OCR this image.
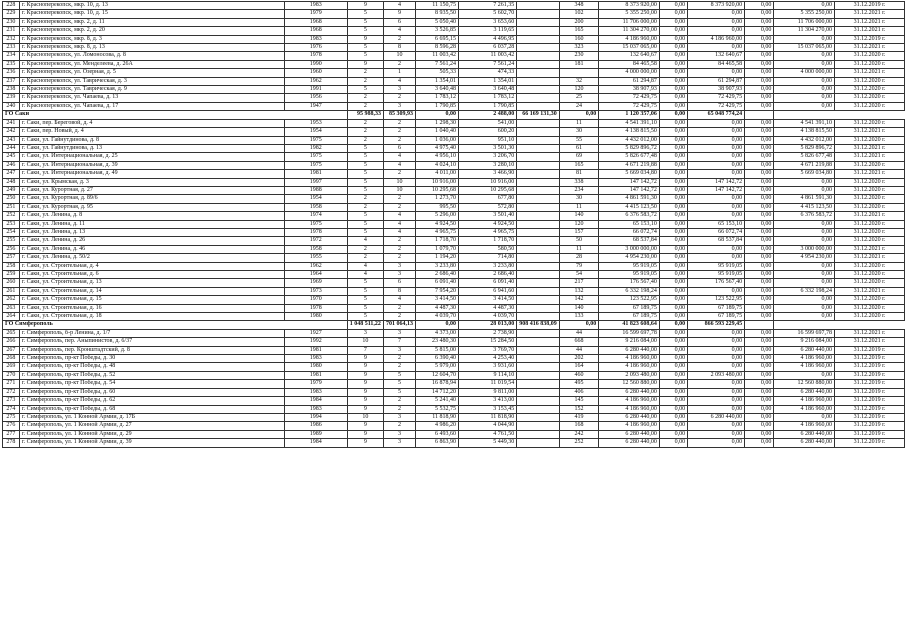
228	г. Красноперекопск, мкр. 10, д. 13	1983	9	4	11 150,75	7 261,35		348	8 373 920,00	0,00	8 373 920,00	0,00	0,00	31.12.2019 г.
229	г. Красноперекопск, мкр. 10, д. 15	1979	5	9	8 935,50	5 602,70		102	5 355 250,00	0,00	0,00	0,00	5 355 250,00	31.12.2021 г.
230	г. Красноперекопск, мкр. 2, д. 11	1968	5	6	5 050,40	3 653,60		200	11 706 000,00	0,00	0,00	0,00	11 706 000,00	31.12.2021 г.
231	г. Красноперекопск, мкр. 2, д. 20	1968	5	4	3 526,85	3 119,65		165	11 304 270,00	0,00	0,00	0,00	11 304 270,00	31.12.2021 г.
232	г. Красноперекопск, мкр. 8, д. 3	1983	9	2	6 695,15	4 496,95		160	4 186 960,00	0,00	4 186 960,00	0,00	0,00	31.12.2019 г.
233	г. Красноперекопск, мкр. 8, д. 13	1976	5	8	8 596,28	6 037,28		323	15 037 065,00	0,00	0,00	0,00	15 037 065,00	31.12.2021 г.
234	г. Красноперекопск, ул. Ломоносова, д. 8	1978	5	10	11 003,42	11 003,42		230	132 640,67	0,00	132 640,67	0,00	0,00	31.12.2020 г.
235	г. Красноперекопск, ул. Менделеева, д. 26А	1990	9	2	7 561,24	7 561,24		181	84 465,58	0,00	84 465,58	0,00	0,00	31.12.2020 г.
236	г. Красноперекопск, ул. Озерная, д. 5	1960	2	1	505,33	474,33			4 000 000,00	0,00	0,00	0,00	4 000 000,00	31.12.2021 г.
237	г. Красноперекопск, ул. Таврическая, д. 3	1962	2	4	1 354,01	1 354,01		32	61 294,87	0,00	61 294,87	0,00	0,00	31.12.2020 г.
238	г. Красноперекопск, ул. Таврическая, д. 9	1991	5	3	3 640,48	3 640,48		120	38 907,93	0,00	38 907,93	0,00	0,00	31.12.2020 г.
239	г. Красноперекопск, ул. Чапаева, д. 13	1956	2	2	1 783,12	1 783,12		25	72 429,75	0,00	72 429,75	0,00	0,00	31.12.2020 г.
240	г. Красноперекопск, ул. Чапаева, д. 17	1947	2	3	1 790,85	1 790,85		24	72 429,75	0,00	72 429,75	0,00	0,00	31.12.2020 г.
ГО Саки			95 988,33	85 309,93	0,00	2 488,00	66 169 131,30	0,00	1 120 357,06	0,00	65 048 774,24			
241	г. Саки, пер. Береговой, д. 4	1953	2	2	1 298,30	541,00		11	4 541 391,10	0,00	0,00	0,00	4 541 391,10	31.12.2020 г.
242	г. Саки, пер. Новый, д. 4	1954	2	2	1 040,40	600,20		30	4 138 815,50	0,00	0,00	0,00	4 138 815,50	31.12.2021 г.
243	г. Саки, ул. Гайнутдинова, д. 8	1975	2	2	1 036,00	951,10		55	4 432 012,00	0,00	0,00	0,00	4 432 012,00	31.12.2020 г.
244	г. Саки, ул. Гайнутдинова, д. 13	1982	5	6	4 975,40	3 501,30		61	5 829 896,72	0,00	0,00	0,00	5 829 896,72	31.12.2021 г.
245	г. Саки, ул. Интернациональная, д. 25	1975	5	4	4 956,10	3 206,70		69	5 826 677,48	0,00	0,00	0,00	5 826 677,48	31.12.2021 г.
246	г. Саки, ул. Интернациональная, д. 39	1975	5	4	4 024,10	3 280,10		165	4 671 219,88	0,00	0,00	0,00	4 671 219,88	31.12.2020 г.
247	г. Саки, ул. Интернациональная, д. 49	1981	5	2	4 011,00	3 466,90		81	5 669 034,80	0,00	0,00	0,00	5 669 034,80	31.12.2021 г.
248	г. Саки, ул. Крымская, д. 3	1997	5	10	10 916,00	10 916,00		338	147 142,72	0,00	147 142,72	0,00	0,00	31.12.2020 г.
249	г. Саки, ул. Курортная, д. 27	1988	5	10	10 295,68	10 295,68		234	147 142,72	0,00	147 142,72	0,00	0,00	31.12.2020 г.
250	г. Саки, ул. Курортная, д. 89/6	1954	2	2	1 273,70	677,80		30	4 861 591,30	0,00	0,00	0,00	4 861 591,30	31.12.2020 г.
251	г. Саки, ул. Курортная, д. 95	1958	2	2	995,50	572,80		11	4 415 123,50	0,00	0,00	0,00	4 415 123,50	31.12.2020 г.
252	г. Саки, ул. Ленина, д. 8	1974	5	4	5 296,00	3 501,40		140	6 376 583,72	0,00	0,00	0,00	6 376 583,72	31.12.2021 г.
253	г. Саки, ул. Ленина, д. 11	1975	5	4	4 924,50	4 924,50		120	65 153,10	0,00	65 153,10	0,00	0,00	31.12.2020 г.
254	г. Саки, ул. Ленина, д. 13	1978	5	4	4 965,75	4 965,75		157	66 072,74	0,00	66 072,74	0,00	0,00	31.12.2020 г.
255	г. Саки, ул. Ленина, д. 26	1972	4	2	1 718,70	1 718,70		50	68 537,84	0,00	68 537,84	0,00	0,00	31.12.2020 г.
256	г. Саки, ул. Ленина, д. 46	1958	2	2	1 079,70	580,50		11	3 000 000,00	0,00	0,00	0,00	3 000 000,00	31.12.2021 г.
257	г. Саки, ул. Ленина, д. 50/2	1955	2	2	1 194,20	714,80		28	4 954 230,00	0,00	0,00	0,00	4 954 230,00	31.12.2021 г.
258	г. Саки, ул. Строительная, д. 4	1962	4	3	3 233,80	3 233,80		79	95 919,05	0,00	95 919,05	0,00	0,00	31.12.2020 г.
259	г. Саки, ул. Строительная, д. 6	1964	4	3	2 686,40	2 686,40		54	95 919,05	0,00	95 919,05	0,00	0,00	31.12.2020 г.
260	г. Саки, ул. Строительная, д. 13	1969	5	6	6 091,40	6 091,40		217	176 567,40	0,00	176 567,40	0,00	0,00	31.12.2020 г.
261	г. Саки, ул. Строительная, д. 14	1973	5	8	7 954,20	6 941,60		132	6 332 198,24	0,00	0,00	0,00	6 332 198,24	31.12.2021 г.
262	г. Саки, ул. Строительная, д. 15	1970	5	4	3 414,50	3 414,50		142	123 522,95	0,00	123 522,95	0,00	0,00	31.12.2020 г.
263	г. Саки, ул. Строительная, д. 16	1978	5	2	4 487,30	4 487,30		140	67 189,75	0,00	67 189,75	0,00	0,00	31.12.2020 г.
264	г. Саки, ул. Строительная, д. 18	1980	5	2	4 039,70	4 039,70		133	67 189,75	0,00	67 189,75	0,00	0,00	31.12.2020 г.
ГО Симферополь			1 048 511,22	701 064,13	0,00	28 013,00	908 416 838,09	0,00	41 823 608,64	0,00	866 593 229,45			
265	г. Симферополь, б-р Ленина, д. 1/7	1927	3	3	4 373,00	2 738,90		44	16 599 697,78	0,00	0,00	0,00	16 599 697,78	31.12.2021 г.
266	г. Симферополь, пер. Аныпинистов, д. 6/37	1992	10	7	23 480,30	15 284,50		668	9 216 084,00	0,00	0,00	0,00	9 216 084,00	31.12.2021 г.
267	г. Симферополь, пер. Кронштадтский, д. 8	1981	7	3	5 815,00	3 769,70		44	6 280 440,00	0,00	0,00	0,00	6 280 440,00	31.12.2019 г.
268	г. Симферополь, пр-кт Победы, д. 30	1983	9	2	6 390,40	4 253,40		202	4 186 960,00	0,00	0,00	0,00	4 186 960,00	31.12.2019 г.
269	г. Симферополь, пр-кт Победы, д. 48	1980	9	2	5 979,00	3 931,60		164	4 186 960,00	0,00	0,00	0,00	4 186 960,00	31.12.2019 г.
270	г. Симферополь, пр-кт Победы, д. 52	1981	9	5	12 604,70	9 114,10		460	2 093 480,00	0,00	2 093 480,00	0,00	0,00	31.12.2019 г.
271	г. Симферополь, пр-кт Победы, д. 54	1979	9	5	16 878,94	11 019,54		495	12 560 880,00	0,00	0,00	0,00	12 560 880,00	31.12.2019 г.
272	г. Симферополь, пр-кт Победы, д. 60	1983	9	5	14 712,20	9 811,00		406	6 280 440,00	0,00	0,00	0,00	6 280 440,00	31.12.2019 г.
273	г. Симферополь, пр-кт Победы, д. 62	1984	9	2	5 241,40	3 413,00		145	4 186 960,00	0,00	0,00	0,00	4 186 960,00	31.12.2019 г.
274	г. Симферополь, пр-кт Победы, д. 68	1983	9	2	5 532,75	3 153,45		152	4 186 960,00	0,00	0,00	0,00	4 186 960,00	31.12.2019 г.
275	г. Симферополь, ул. 1 Конной Армии, д. 17Б	1994	10	3	11 818,90	11 818,90		419	6 280 440,00	0,00	6 280 440,00	0,00	0,00	31.12.2019 г.
276	г. Симферополь, ул. 1 Конной Армии, д. 27	1986	9	2	4 986,20	4 044,90		168	4 186 960,00	0,00	0,00	0,00	4 186 960,00	31.12.2019 г.
277	г. Симферополь, ул. 1 Конной Армии, д. 29	1989	9	3	6 493,60	4 761,50		242	6 280 440,00	0,00	0,00	0,00	6 280 440,00	31.12.2019 г.
278	г. Симферополь, ул. 1 Конной Армии, д. 39	1984	9	3	6 863,90	5 449,30		252	6 280 440,00	0,00	0,00	0,00	6 280 440,00	31.12.2019 г.
